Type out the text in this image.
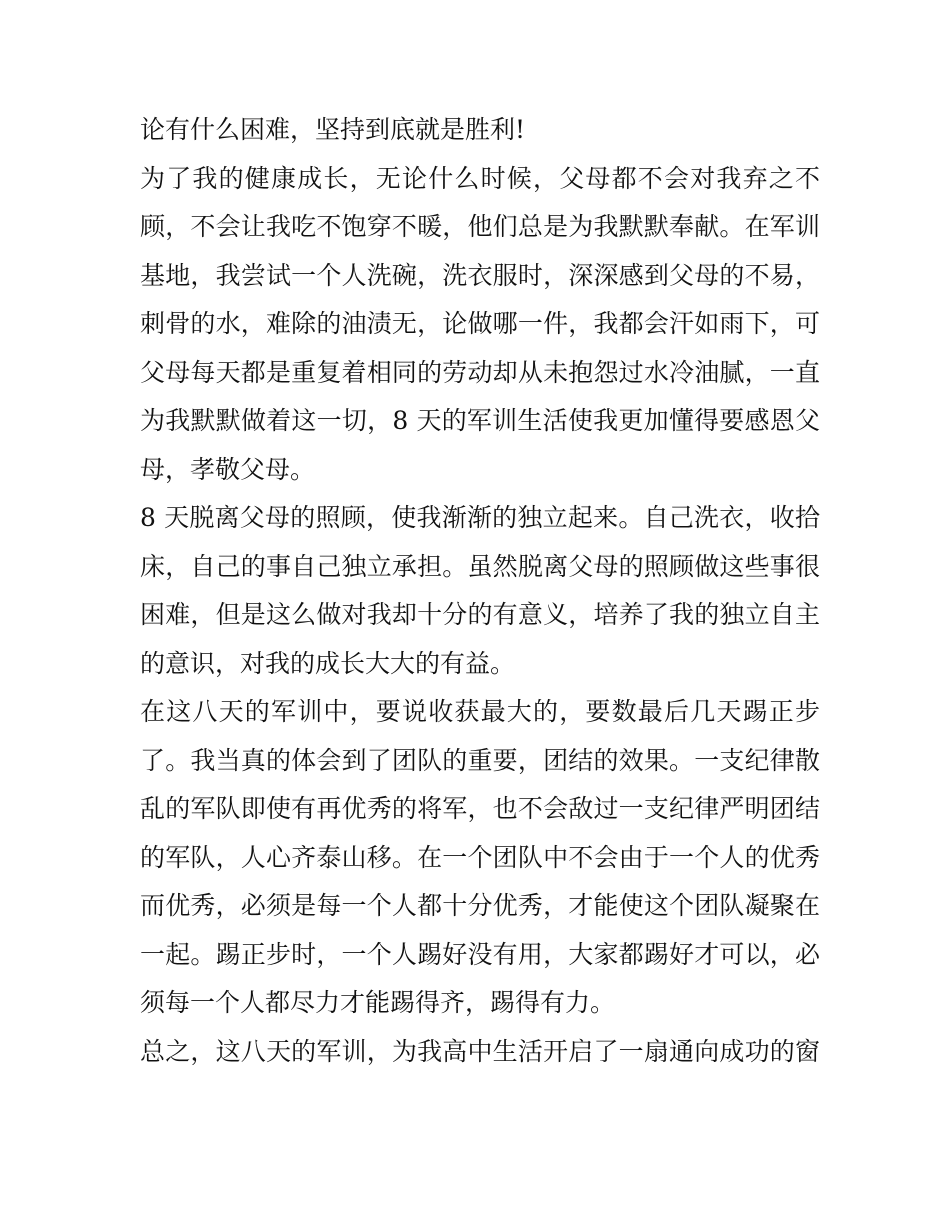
论有什么困难，坚持到底就是胜利!
为了我的健康成长，无论什么时候，父母都不会对我弃之不
顾，不会让我吃不饱穿不暖，他们总是为我默默奉献。在军训
基地，我尝试一个人洗碗，洗衣服时，深深感到父母的不易，
刺骨的水，难除的油渍无，论做哪一件，我都会汗如雨下，可
父母每天都是重复着相同的劳动却从未抱怨过水冷油腻，一直
为我默默做着这一切，8 天的军训生活使我更加懂得要感恩父
母，孝敬父母。
8 天脱离父母的照顾，使我渐渐的独立起来。自己洗衣，收拾
床，自己的事自己独立承担。虽然脱离父母的照顾做这些事很
困难，但是这么做对我却十分的有意义，培养了我的独立自主
的意识，对我的成长大大的有益。
在这八天的军训中，要说收获最大的，要数最后几天踢正步
了。我当真的体会到了团队的重要，团结的效果。一支纪律散
乱的军队即使有再优秀的将军，也不会敌过一支纪律严明团结
的军队，人心齐泰山移。在一个团队中不会由于一个人的优秀
而优秀，必须是每一个人都十分优秀，才能使这个团队凝聚在
一起。踢正步时，一个人踢好没有用，大家都踢好才可以，必
须每一个人都尽力才能踢得齐，踢得有力。
总之，这八天的军训，为我高中生活开启了一扇通向成功的窗
